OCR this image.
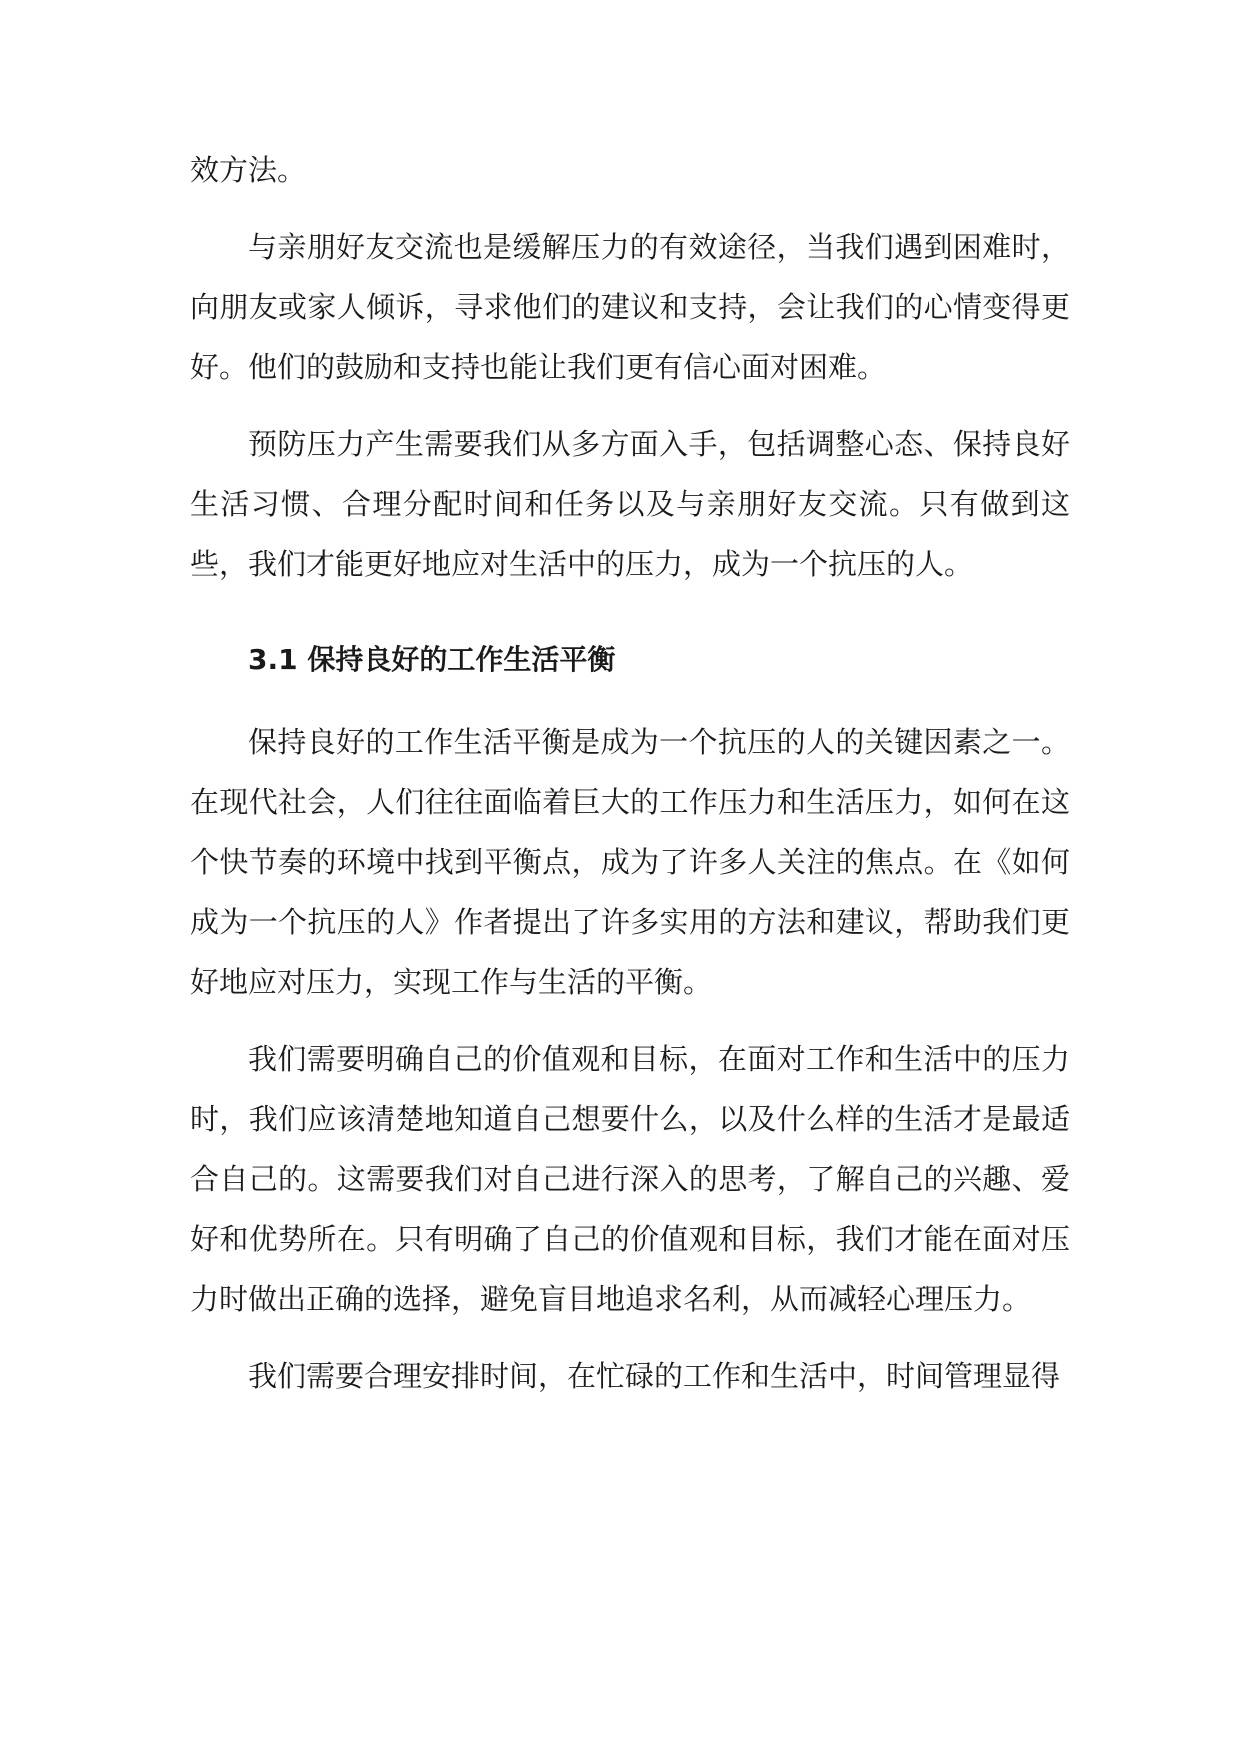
效方法。

与亲朋好友交流也是缓解压力的有效途径，当我们遇到困难时，向朋友或家人倾诉，寻求他们的建议和支持，会让我们的心情变得更好。他们的鼓励和支持也能让我们更有信心面对困难。

预防压力产生需要我们从多方面入手，包括调整心态、保持良好生活习惯、合理分配时间和任务以及与亲朋好友交流。只有做到这些，我们才能更好地应对生活中的压力，成为一个抗压的人。

3.1 保持良好的工作生活平衡

保持良好的工作生活平衡是成为一个抗压的人的关键因素之一。在现代社会，人们往往面临着巨大的工作压力和生活压力，如何在这个快节奏的环境中找到平衡点，成为了许多人关注的焦点。在《如何成为一个抗压的人》作者提出了许多实用的方法和建议，帮助我们更好地应对压力，实现工作与生活的平衡。

我们需要明确自己的价值观和目标，在面对工作和生活中的压力时，我们应该清楚地知道自己想要什么，以及什么样的生活才是最适合自己的。这需要我们对自己进行深入的思考，了解自己的兴趣、爱好和优势所在。只有明确了自己的价值观和目标，我们才能在面对压力时做出正确的选择，避免盲目地追求名利，从而减轻心理压力。

我们需要合理安排时间，在忙碌的工作和生活中，时间管理显得
